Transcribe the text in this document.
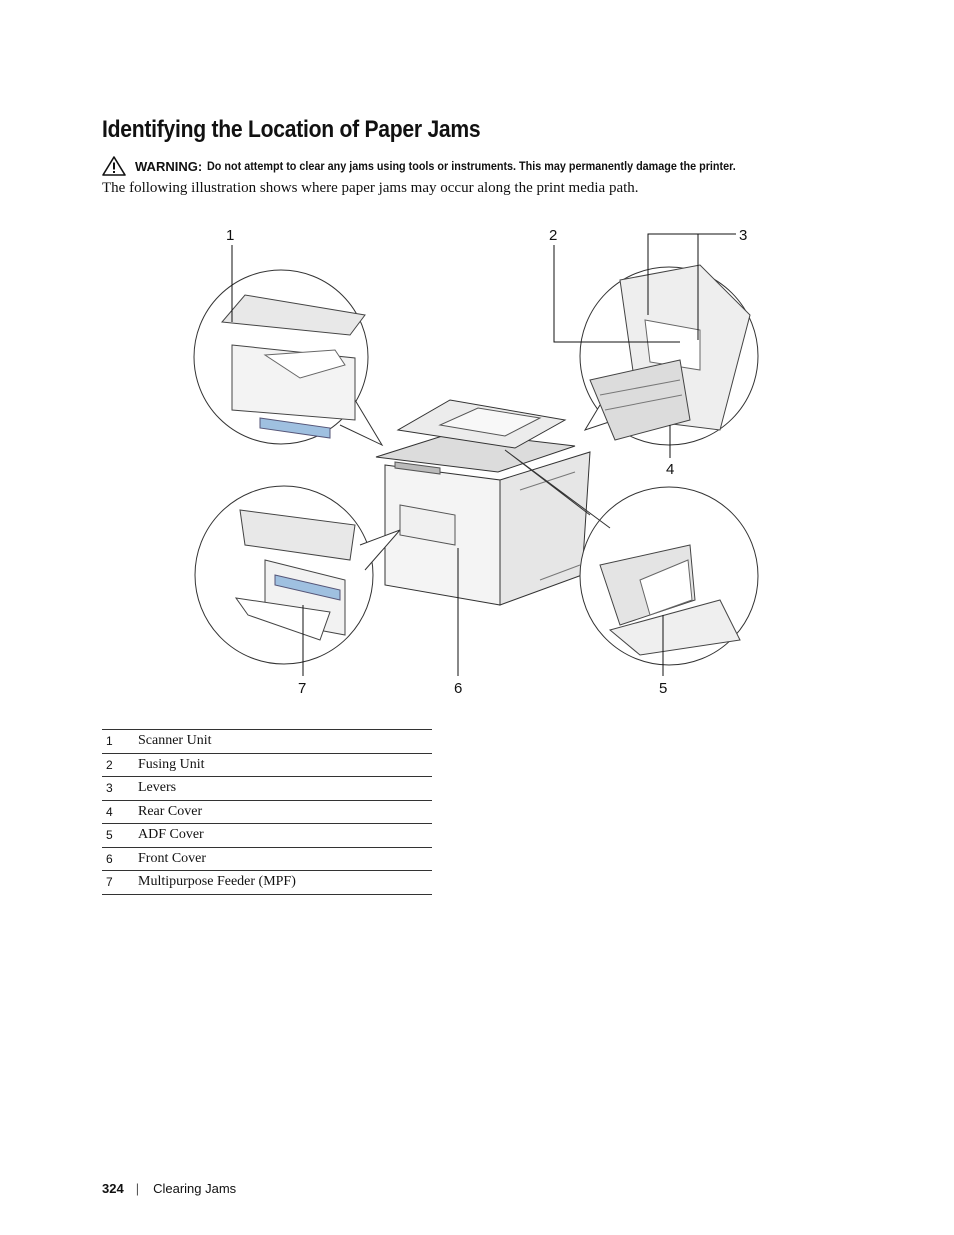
Identifying the Location of Paper Jams
WARNING: Do not attempt to clear any jams using tools or instruments. This may permanently damage the printer.
The following illustration shows where paper jams may occur along the print media path.
1	2	3
4
5
6
7
1	Scanner Unit
2	Fusing Unit
3	Levers
4	Rear Cover
5	ADF Cover
6	Front Cover
7	Multipurpose Feeder (MPF)
324 | Clearing Jams
